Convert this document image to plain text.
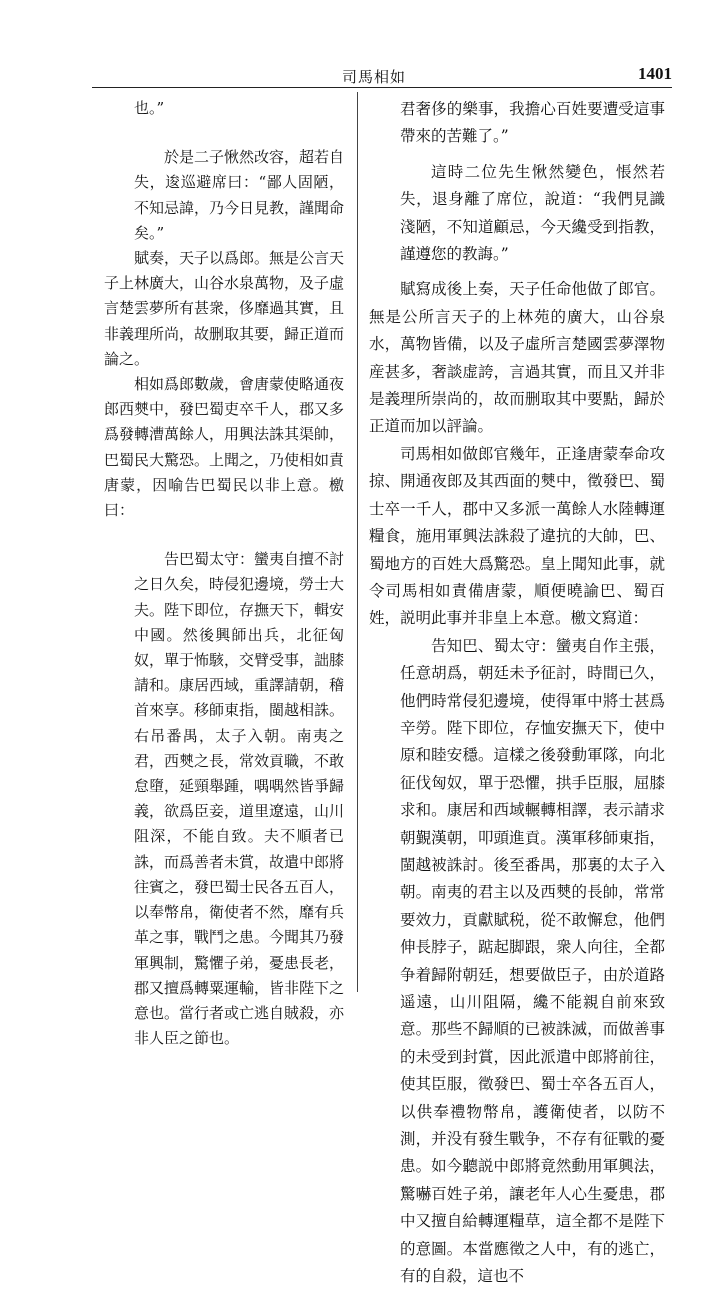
司馬相如	1401

也。”

於是二子愀然改容，超若自失，逡巡避席曰：“鄙人固陋，不知忌諱，乃今日見教，謹聞命矣。”

賦奏，天子以爲郎。無是公言天子上林廣大，山谷水泉萬物，及子虛言楚雲夢所有甚衆，侈靡過其實，且非義理所尚，故删取其要，歸正道而論之。

相如爲郎數歲，會唐蒙使略通夜郎西僰中，發巴蜀吏卒千人，郡又多爲發轉漕萬餘人，用興法誅其渠帥，巴蜀民大驚恐。上聞之，乃使相如責唐蒙，因喻告巴蜀民以非上意。檄曰：

告巴蜀太守：蠻夷自擅不討之日久矣，時侵犯邊境，勞士大夫。陛下即位，存撫天下，輯安中國。然後興師出兵，北征匈奴，單于怖駭，交臂受事，詘膝請和。康居西域，重譯請朝，稽首來享。移師東指，閩越相誅。右吊番禺，太子入朝。南夷之君，西僰之長，常效貢職，不敢怠墮，延頸舉踵，喁喁然皆爭歸義，欲爲臣妾，道里遼遠，山川阻深，不能自致。夫不順者已誅，而爲善者未賞，故遣中郎將往賓之，發巴蜀士民各五百人，以奉幣帛，衛使者不然，靡有兵革之事，戰鬥之患。今聞其乃發軍興制，驚懼子弟，憂患長老，郡又擅爲轉粟運輸，皆非陛下之意也。當行者或亡逃自賊殺，亦非人臣之節也。

君奢侈的樂事，我擔心百姓要遭受這事帶來的苦難了。”

這時二位先生愀然變色，悵然若失，退身離了席位，說道：“我們見識淺陋，不知道顧忌，今天纔受到指教，謹遵您的教誨。”

賦寫成後上奏，天子任命他做了郎官。無是公所言天子的上林苑的廣大，山谷泉水，萬物皆備，以及子虛所言楚國雲夢澤物産甚多，奢談虚誇，言過其實，而且又并非是義理所崇尚的，故而删取其中要點，歸於正道而加以評論。

司馬相如做郎官幾年，正逢唐蒙奉命攻掠、開通夜郎及其西面的僰中，徵發巴、蜀士卒一千人，郡中又多派一萬餘人水陸轉運糧食，施用軍興法誅殺了違抗的大帥，巴、蜀地方的百姓大爲驚恐。皇上聞知此事，就令司馬相如責備唐蒙，順便曉諭巴、蜀百姓，説明此事并非皇上本意。檄文寫道：

告知巴、蜀太守：蠻夷自作主張，任意胡爲，朝廷未予征討，時間已久，他們時常侵犯邊境，使得軍中將士甚爲辛勞。陛下即位，存恤安撫天下，使中原和睦安穩。這樣之後發動軍隊，向北征伐匈奴，單于恐懼，拱手臣服，屈膝求和。康居和西域輾轉相譯，表示請求朝覲漢朝，叩頭進貢。漢軍移師東指，閩越被誅討。後至番禺，那裏的太子入朝。南夷的君主以及西僰的長帥，常常要效力，貢獻賦税，從不敢懈怠，他們伸長脖子，踮起脚跟，衆人向往，全都争着歸附朝廷，想要做臣子，由於道路遥遠，山川阻隔，纔不能親自前來致意。那些不歸順的已被誅滅，而做善事的未受到封賞，因此派遣中郎將前往，使其臣服，徵發巴、蜀士卒各五百人，以供奉禮物幣帛，護衛使者，以防不測，并没有發生戰争，不存有征戰的憂患。如今聽説中郎將竟然動用軍興法，驚嚇百姓子弟，讓老年人心生憂患，郡中又擅自給轉運糧草，這全都不是陛下的意圖。本當應徵之人中，有的逃亡，有的自殺，這也不
